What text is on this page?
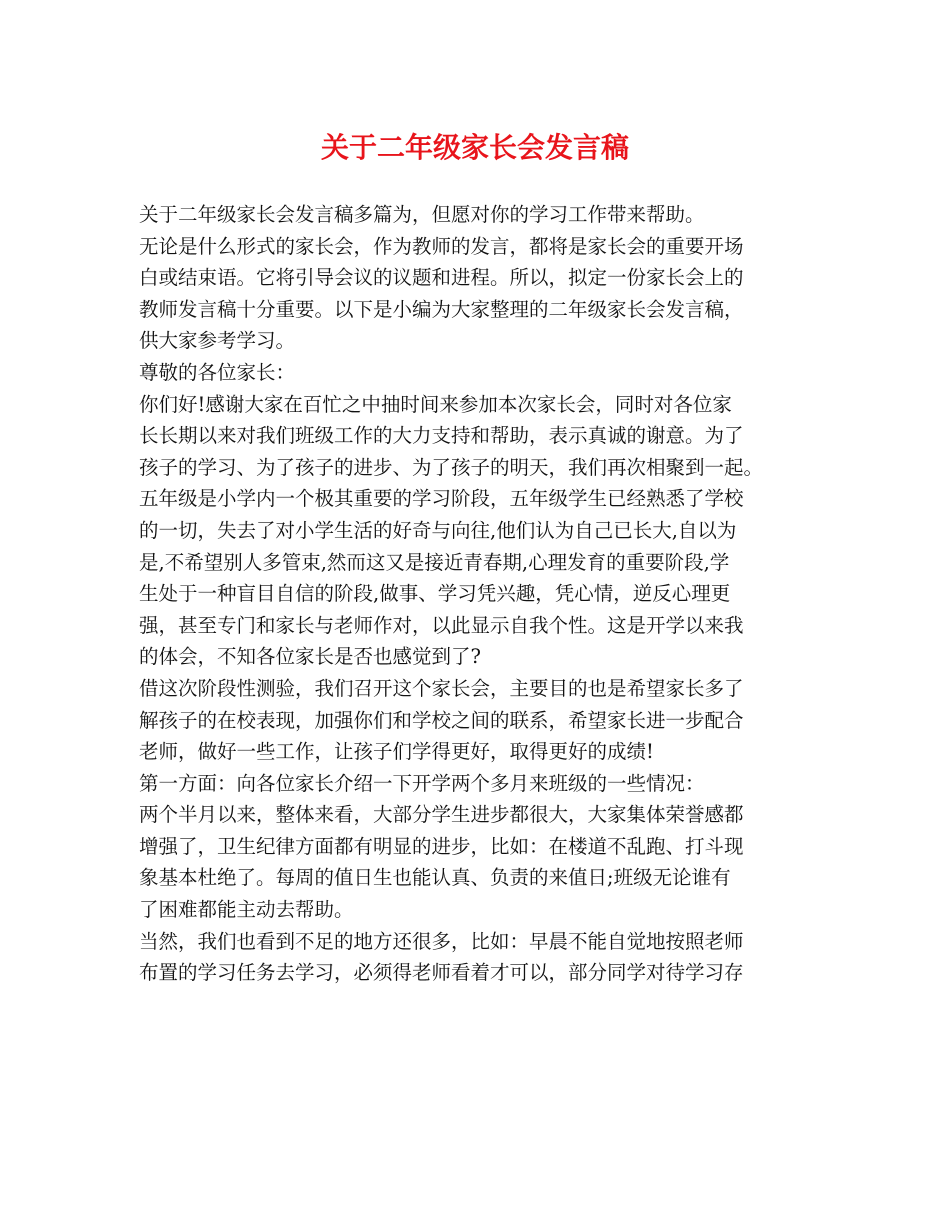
关于二年级家长会发言稿
关于二年级家长会发言稿多篇为，但愿对你的学习工作带来帮助。
无论是什么形式的家长会，作为教师的发言，都将是家长会的重要开场
白或结束语。它将引导会议的议题和进程。所以，拟定一份家长会上的
教师发言稿十分重要。以下是小编为大家整理的二年级家长会发言稿，
供大家参考学习。
尊敬的各位家长：
你们好!感谢大家在百忙之中抽时间来参加本次家长会，同时对各位家
长长期以来对我们班级工作的大力支持和帮助，表示真诚的谢意。为了
孩子的学习、为了孩子的进步、为了孩子的明天，我们再次相聚到一起。
五年级是小学内一个极其重要的学习阶段，五年级学生已经熟悉了学校
的一切，失去了对小学生活的好奇与向往,他们认为自己已长大,自以为
是,不希望别人多管束,然而这又是接近青春期,心理发育的重要阶段,学
生处于一种盲目自信的阶段,做事、学习凭兴趣，凭心情，逆反心理更
强，甚至专门和家长与老师作对，以此显示自我个性。这是开学以来我
的体会，不知各位家长是否也感觉到了?
借这次阶段性测验，我们召开这个家长会，主要目的也是希望家长多了
解孩子的在校表现，加强你们和学校之间的联系，希望家长进一步配合
老师，做好一些工作，让孩子们学得更好，取得更好的成绩!
第一方面：向各位家长介绍一下开学两个多月来班级的一些情况：
两个半月以来，整体来看，大部分学生进步都很大，大家集体荣誉感都
增强了，卫生纪律方面都有明显的进步，比如：在楼道不乱跑、打斗现
象基本杜绝了。每周的值日生也能认真、负责的来值日;班级无论谁有
了困难都能主动去帮助。
当然，我们也看到不足的地方还很多，比如：早晨不能自觉地按照老师
布置的学习任务去学习，必须得老师看着才可以，部分同学对待学习存
